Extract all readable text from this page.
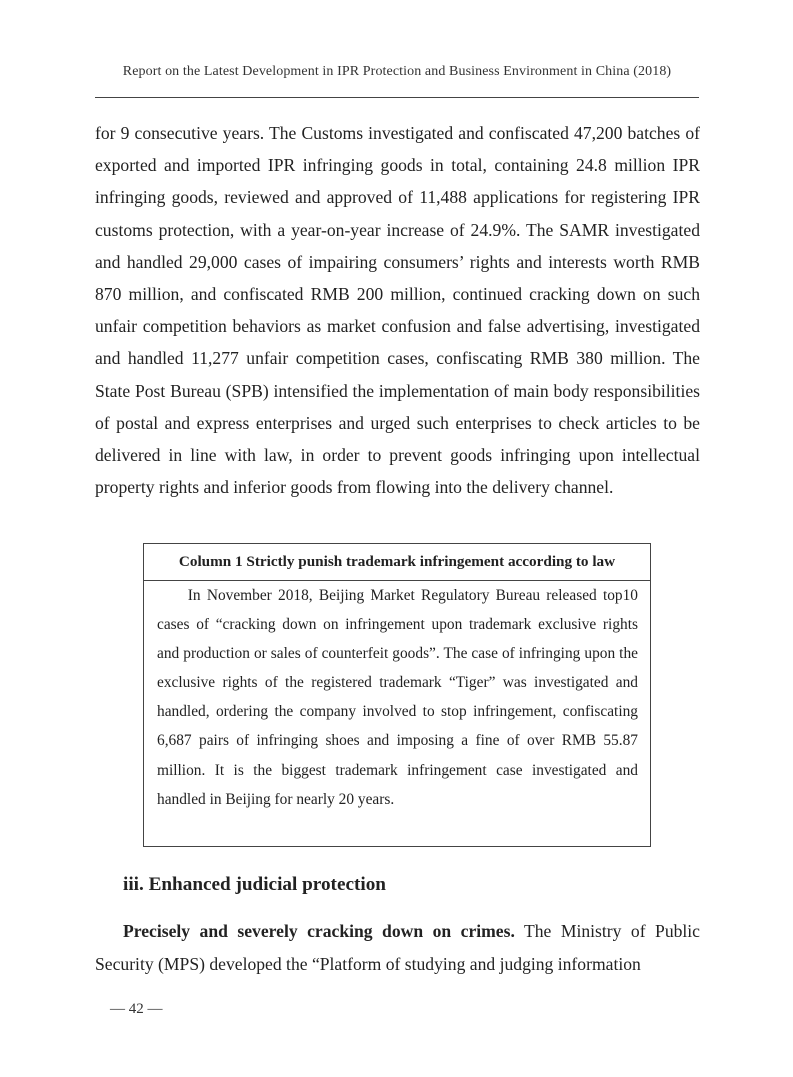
Report on the Latest Development in IPR Protection and Business Environment in China (2018)

for 9 consecutive years. The Customs investigated and confiscated 47,200 batches of exported and imported IPR infringing goods in total, containing 24.8 million IPR infringing goods, reviewed and approved of 11,488 applications for registering IPR customs protection, with a year-on-year increase of 24.9%. The SAMR investigated and handled 29,000 cases of impairing consumers’ rights and interests worth RMB 870 million, and confiscated RMB 200 million, continued cracking down on such unfair competition behaviors as market confusion and false advertising, investigated and handled 11,277 unfair competition cases, confiscating RMB 380 million. The State Post Bureau (SPB) intensified the implementation of main body responsibilities of postal and express enterprises and urged such enterprises to check articles to be delivered in line with law, in order to prevent goods infringing upon intellectual property rights and inferior goods from flowing into the delivery channel.

Column 1 Strictly punish trademark infringement according to law

In November 2018, Beijing Market Regulatory Bureau released top10 cases of “cracking down on infringement upon trademark exclusive rights and production or sales of counterfeit goods”. The case of infringing upon the exclusive rights of the registered trademark “Tiger” was investigated and handled, ordering the company involved to stop infringement, confiscating 6,687 pairs of infringing shoes and imposing a fine of over RMB 55.87 million. It is the biggest trademark infringement case investigated and handled in Beijing for nearly 20 years.

iii. Enhanced judicial protection

Precisely and severely cracking down on crimes. The Ministry of Public Security (MPS) developed the “Platform of studying and judging information

— 42 —
